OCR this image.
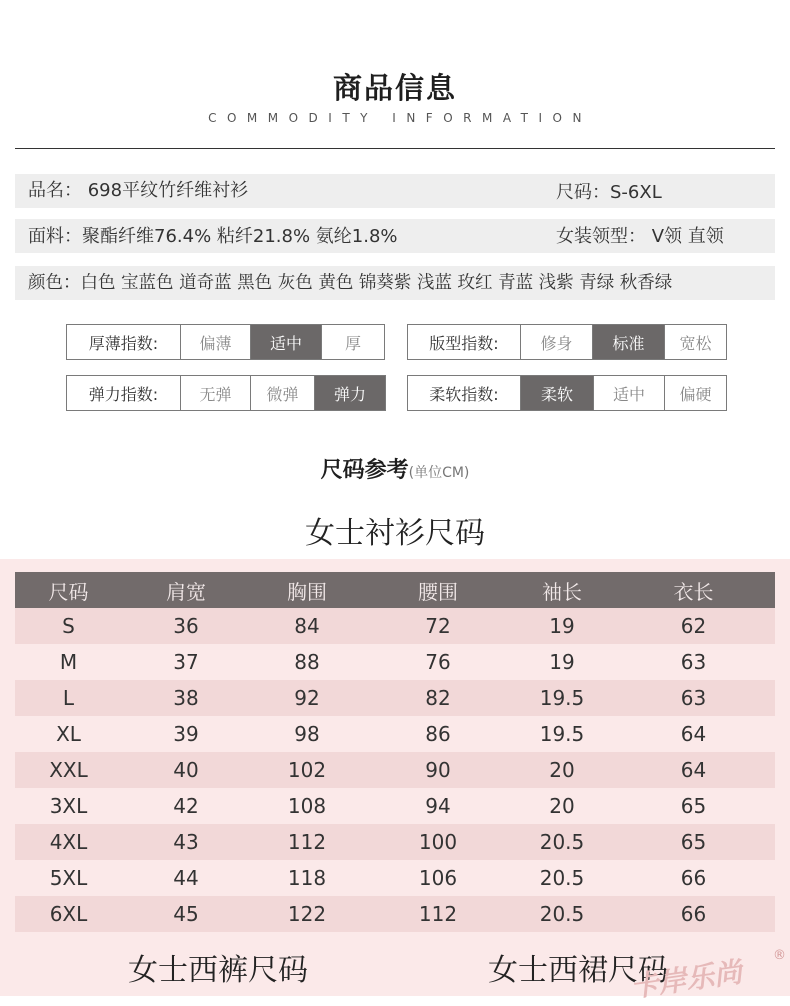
商品信息
COMMODITY INFORMATION
品名： 698平纹竹纤维衬衫	尺码：S-6XL
面料：聚酯纤维76.4% 粘纤21.8% 氨纶1.8%	女装领型： V领 直领
颜色：白色 宝蓝色 道奇蓝 黑色 灰色 黄色 锦葵紫 浅蓝 玫红 青蓝 浅紫 青绿 秋香绿
厚薄指数:	偏薄	适中	厚	版型指数:	修身	标准	宽松
弹力指数:	无弹	微弹	弹力	柔软指数:	柔软	适中	偏硬
尺码参考(单位CM)
女士衬衫尺码
尺码	肩宽	胸围	腰围	袖长	衣长
S	36	84	72	19	62
M	37	88	76	19	63
L	38	92	82	19.5	63
XL	39	98	86	19.5	64
XXL	40	102	90	20	64
3XL	42	108	94	20	65
4XL	43	112	100	20.5	65
5XL	44	118	106	20.5	66
6XL	45	122	112	20.5	66
女士西裤尺码	女士西裙尺码
卡岸乐尚 ®
